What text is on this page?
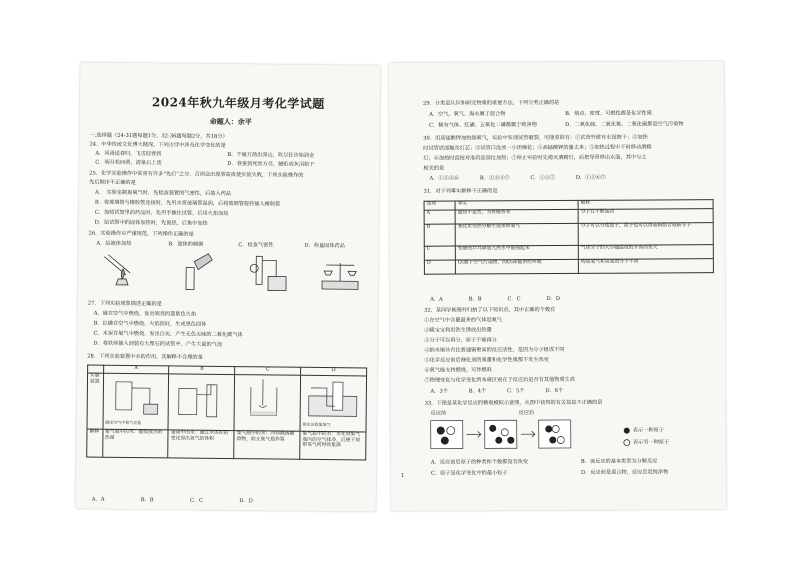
2024年秋九年级月考化学试题
命题人：余平
一.选择题（24-31题每题1分，32-36题每题2分，共18分）
24．中华传统文化博大精深，下列古诗中涉及化学变化的是
A．风雨送春归，飞雪迎春到	B．千锤万凿出深山，吹尽狂沙始到金
C．明月松间照，清泉石上流	D．春蚕到死丝方尽，蜡炬成灰泪始干
25．化学实验操作中常常有许多“先后”之分，否则会出现事故或使实验失败，下列实验操作的
先后顺序不正确的是
A．　实验室制取氧气时，先检查装置的气密性，后装入药品
B．将玻璃管与橡胶管连接时，先用水将玻璃管湿润，后将玻璃管旋转插入橡胶管
C．加热试管里的药品时，先用手握住试管，后用火焰加热
D．给试管中的固体加热时，先预热，后集中加热
26．实验操作应严谨规范，下列操作正确的是
A．给液体加热	B．液体的倾倒	C．检查气密性	D．称量固体药品
27．下列实验现象描述正确的是
A．硫在空气中燃烧，发出明亮的蓝紫色火焰
B．红磷在空气中燃烧，火焰很旺，生成黑色固体
C．木炭在氧气中燃烧，发出白光，产生无色无味的二氧化碳气体
D．将铁丝插入到装有大理石的试管中，产生大量的气泡
28．下列实验装置中水的作用，其解释不合理的是
	A	B	C	D
实验装置	测定空气中氧气含量			排水法收集氧气

解释	集气瓶中的水：吸收放出的热量	量筒中的水：通过水体积的变化得出氧气的体积	集气瓶中的水：冷却溅落融熔物，防止集气瓶炸裂	集气瓶中的水：水先将集气瓶内的空气排净，后便于观察氧气何时收集满
A．A　　　　　　　B．B　　　　　　　C．C　　　　　　　D．D
29．分类是认识和研究物质的重要方法，下列分类正确的是
A．空气、氧气、海水属于混合物	B．熔点、密度、可燃性都是化学性质
C．稀有气体、红磷、五氧化二磷都属于纯净物	D．二氧化硫、二氧化氮、二氧化碳都是空气污染物
30．用高锰酸钾加热制氧气，实验中发现试管破裂，可能原因有：①试管外壁有水没擦干；②加热
时试管底部触及灯芯；③试管口没放一小团棉花；④高锰酸钾的量太多；⑤加热过程中不时移动酒精
灯；⑥加热时直接对准药品部位加热；⑦停止实验时先熄灭酒精灯，后把导管移出水面，其中与之
相关的是
A．①②③⑥　　　　B．①②④⑦　　　　C．①③⑦　　　　D．①②⑥⑦
31．对下列事实解释不正确的是
选项	事实	解释
A	遥知不是雪，为有暗香来	分子在不断运动
B	氧化汞受热分解生成汞和氧气	分子可以分成原子，原子也可以再重新组合成新分子
C	变瘪的乒乓球放入热水中能鼓起来	气体分子的大小随温度的升高而变大
D	O₂属于空气污染物，而O₃却能供给呼吸	构成氧气和臭氧的分子不同
A．A　　　　　B．B　　　　　C．C　　　　　D．D
32．某同学梳理并归纳了以下知识点，其中正确的个数有
①在空气中含量最多的气体是氮气
②暖宝宝利用铁生锈放出热量
③分子可以再分，原子不能再分
④纳米铜具有比普通铜更高的反应活性，是因为分子组成不同
⑤化学反应前后催化剂的质量和化学性质都不发生改变
⑥氧气能支持燃烧，可作燃料
⑦物理变化与化学变化的本质区别在于反应后是否有其他物质生成
A．3个　　　　B．4个　　　　C．5个　　　　D．6个
33．下图是某化学反应的微观模拟示意图，从图中获得的有关信息不正确的是
反应前	反应后
表示一种原子
表示另一种原子
A．反应前后原子的种类和个数都没有改变	B．该反应的基本类型为分解反应
C．原子是化学变化中的最小粒子	D．反应前是混合物，反应后是纯净物
1
